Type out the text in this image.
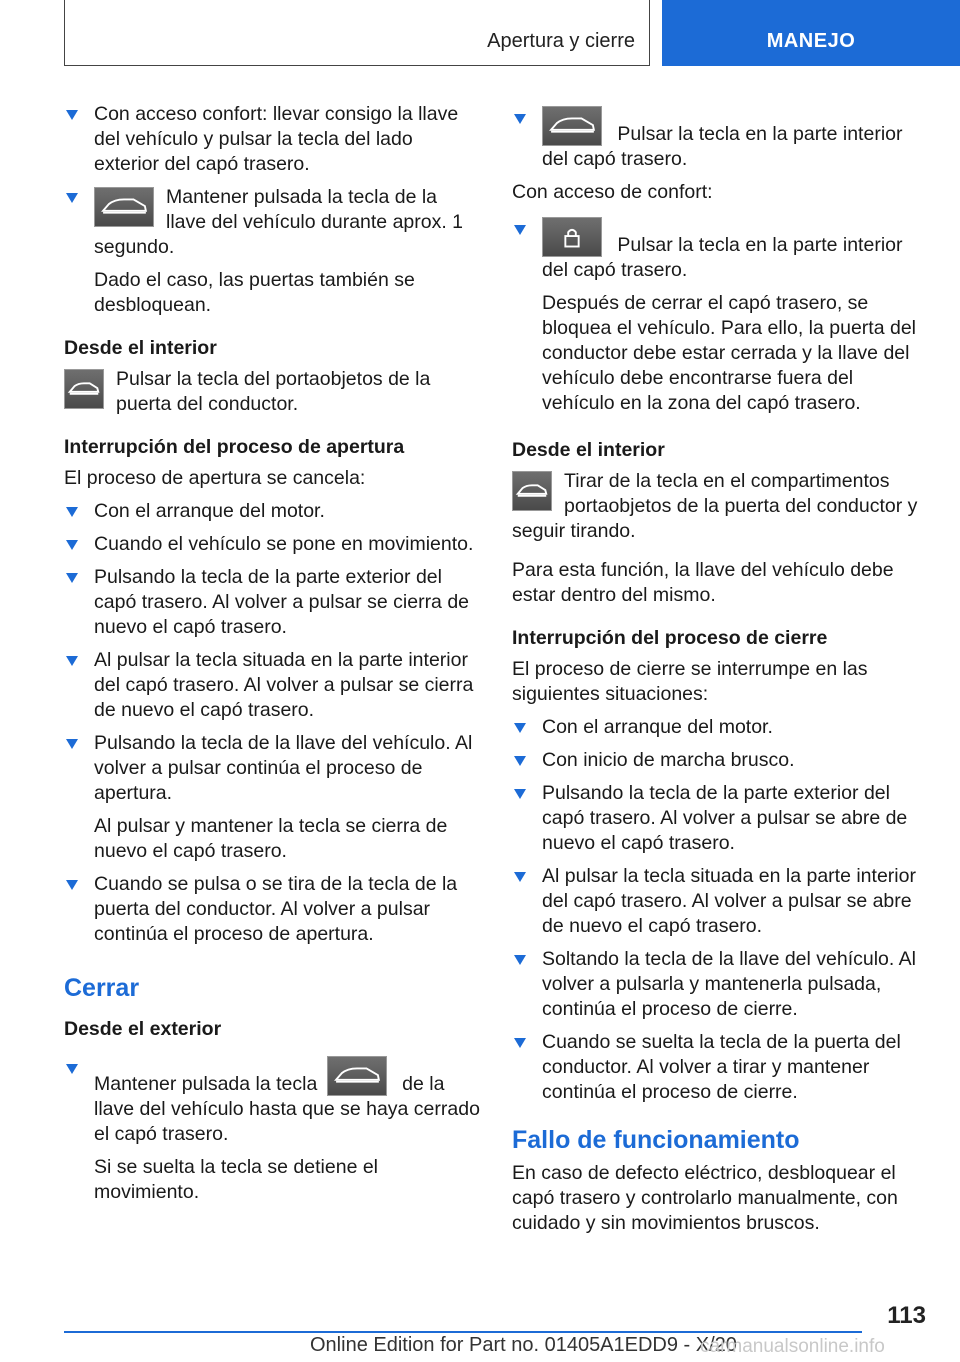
Apertura y cierre	MANEJO
Con acceso confort: llevar consigo la llave del vehículo y pulsar la tecla del lado exterior del capó trasero.
Mantener pulsada la tecla de la llave del vehículo durante aprox. 1 segundo.
Dado el caso, las puertas también se desbloquean.
Desde el interior
Pulsar la tecla del portaobjetos de la puerta del conductor.
Interrupción del proceso de apertura
El proceso de apertura se cancela:
Con el arranque del motor.
Cuando el vehículo se pone en movimiento.
Pulsando la tecla de la parte exterior del capó trasero. Al volver a pulsar se cierra de nuevo el capó trasero.
Al pulsar la tecla situada en la parte interior del capó trasero. Al volver a pulsar se cierra de nuevo el capó trasero.
Pulsando la tecla de la llave del vehículo. Al volver a pulsar continúa el proceso de apertura.
Al pulsar y mantener la tecla se cierra de nuevo el capó trasero.
Cuando se pulsa o se tira de la tecla de la puerta del conductor. Al volver a pulsar continúa el proceso de apertura.
Cerrar
Desde el exterior
Mantener pulsada la tecla	de la llave del vehículo hasta que se haya cerrado el capó trasero.
Si se suelta la tecla se detiene el movimiento.
Pulsar la tecla en la parte interior del capó trasero.
Con acceso de confort:
Pulsar la tecla en la parte interior del capó trasero.
Después de cerrar el capó trasero, se bloquea el vehículo. Para ello, la puerta del conductor debe estar cerrada y la llave del vehículo debe encontrarse fuera del vehículo en la zona del capó trasero.
Desde el interior
Tirar de la tecla en el compartimentos portaobjetos de la puerta del conductor y seguir tirando.
Para esta función, la llave del vehículo debe estar dentro del mismo.
Interrupción del proceso de cierre
El proceso de cierre se interrumpe en las siguientes situaciones:
Con el arranque del motor.
Con inicio de marcha brusco.
Pulsando la tecla de la parte exterior del capó trasero. Al volver a pulsar se abre de nuevo el capó trasero.
Al pulsar la tecla situada en la parte interior del capó trasero. Al volver a pulsar se abre de nuevo el capó trasero.
Soltando la tecla de la llave del vehículo. Al volver a pulsarla y mantenerla pulsada, continúa el proceso de cierre.
Cuando se suelta la tecla de la puerta del conductor. Al volver a tirar y mantener continúa el proceso de cierre.
Fallo de funcionamiento
En caso de defecto eléctrico, desbloquear el capó trasero y controlarlo manualmente, con cuidado y sin movimientos bruscos.
113
Online Edition for Part no. 01405A1EDD9 - X/20
carmanualsonline.info
